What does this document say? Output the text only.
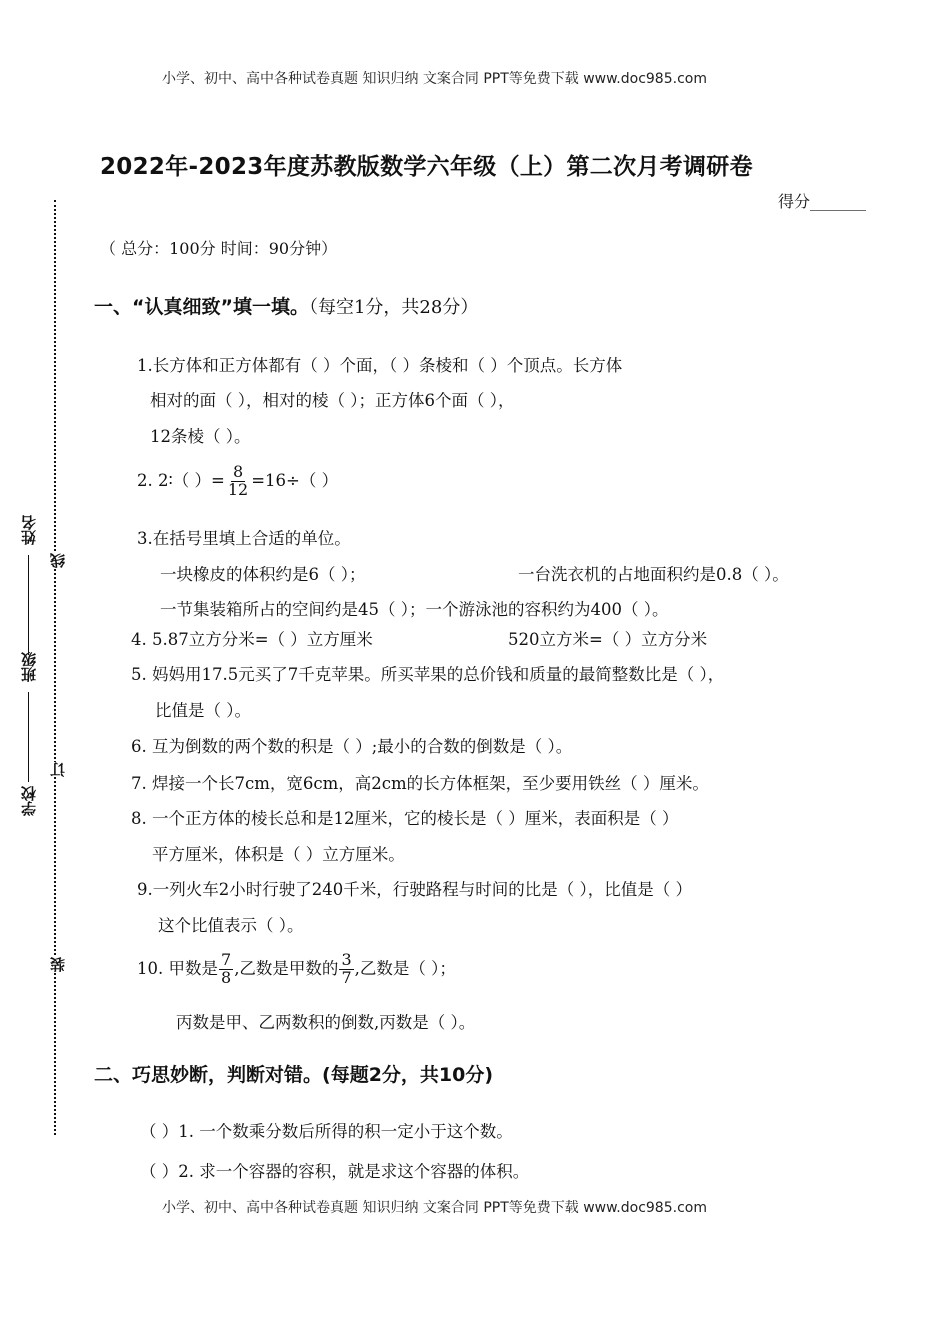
小学、初中、高中各种试卷真题 知识归纳 文案合同 PPT等免费下载 www.doc985.com
2022年-2023年度苏教版数学六年级（上）第二次月考调研卷
得分_______
姓名
班级
学校
线
订
装
（ 总分：100分 时间：90分钟）
一、“认真细致”填一填。（每空1分，共28分）
1.长方体和正方体都有（ ）个面，（ ）条棱和（ ）个顶点。长方体
相对的面（ ），相对的棱（ ）；正方体6个面（ ），
12条棱（ ）。
2. 2∶（ ）= $\frac{8}{12} =16\div$（ ）
3.在括号里填上合适的单位。
一块橡皮的体积约是6（ ）；	一台洗衣机的占地面积约是0.8（ ）。
一节集装箱所占的空间约是45（ ）；一个游泳池的容积约为400（ ）。
4. 5.87立方分米=（ ）立方厘米	520立方米=（ ）立方分米
5. 妈妈用17.5元买了7千克苹果。所买苹果的总价钱和质量的最简整数比是（ ），
比值是（ ）。
6. 互为倒数的两个数的积是（ ）;最小的合数的倒数是（ ）。
7. 焊接一个长7cm，宽6cm，高2cm的长方体框架，至少要用铁丝（ ）厘米。
8. 一个正方体的棱长总和是12厘米，它的棱长是（ ）厘米，表面积是（ ）
平方厘米，体积是（ ）立方厘米。
9.一列火车2小时行驶了240千米，行驶路程与时间的比是（ ），比值是（ ）
这个比值表示（ ）。
10. 甲数是 $\frac{7}{8}$ ,乙数是甲数的 $\frac{3}{7}$ ,乙数是（ ）；
丙数是甲、乙两数积的倒数,丙数是（ ）。
二、巧思妙断，判断对错。(每题2分，共10分)
（ ）1. 一个数乘分数后所得的积一定小于这个数。
（ ）2. 求一个容器的容积，就是求这个容器的体积。
小学、初中、高中各种试卷真题 知识归纳 文案合同 PPT等免费下载 www.doc985.com
